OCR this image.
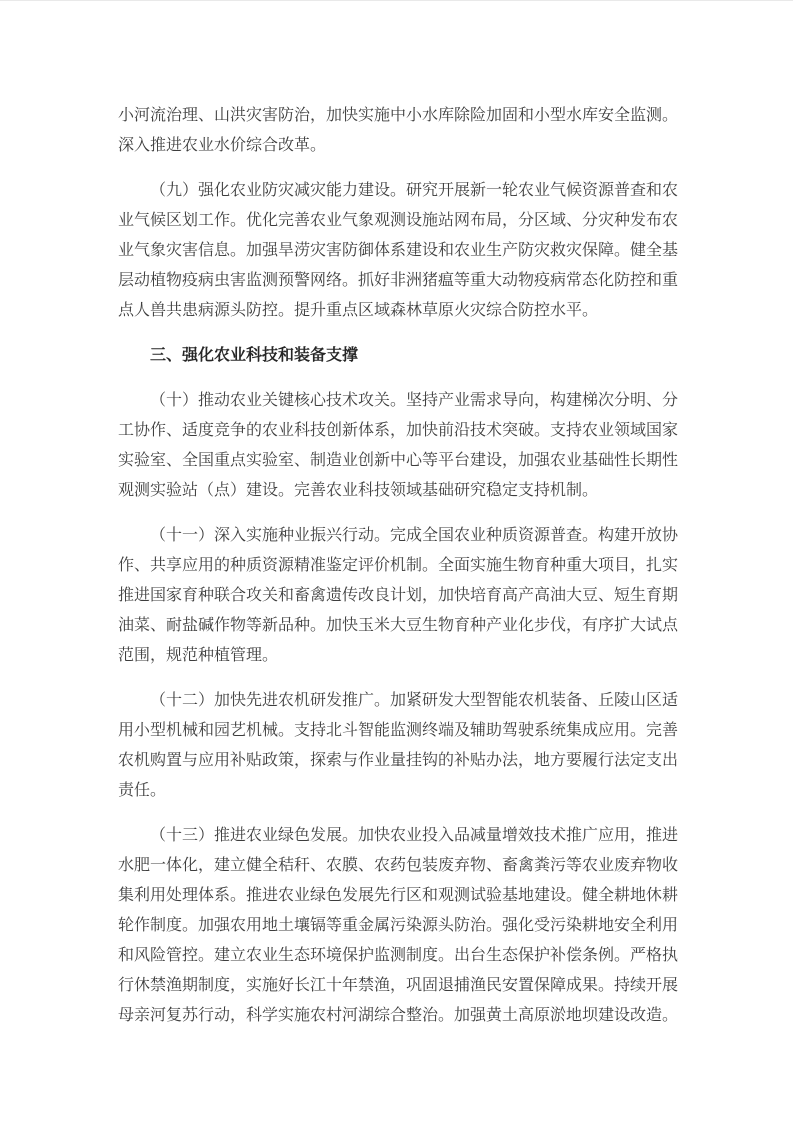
小河流治理、山洪灾害防治，加快实施中小水库除险加固和小型水库安全监测。深入推进农业水价综合改革。

（九）强化农业防灾减灾能力建设。研究开展新一轮农业气候资源普查和农业气候区划工作。优化完善农业气象观测设施站网布局，分区域、分灾种发布农业气象灾害信息。加强旱涝灾害防御体系建设和农业生产防灾救灾保障。健全基层动植物疫病虫害监测预警网络。抓好非洲猪瘟等重大动物疫病常态化防控和重点人兽共患病源头防控。提升重点区域森林草原火灾综合防控水平。

三、强化农业科技和装备支撑

（十）推动农业关键核心技术攻关。坚持产业需求导向，构建梯次分明、分工协作、适度竞争的农业科技创新体系，加快前沿技术突破。支持农业领域国家实验室、全国重点实验室、制造业创新中心等平台建设，加强农业基础性长期性观测实验站（点）建设。完善农业科技领域基础研究稳定支持机制。

（十一）深入实施种业振兴行动。完成全国农业种质资源普查。构建开放协作、共享应用的种质资源精准鉴定评价机制。全面实施生物育种重大项目，扎实推进国家育种联合攻关和畜禽遗传改良计划，加快培育高产高油大豆、短生育期油菜、耐盐碱作物等新品种。加快玉米大豆生物育种产业化步伐，有序扩大试点范围，规范种植管理。

（十二）加快先进农机研发推广。加紧研发大型智能农机装备、丘陵山区适用小型机械和园艺机械。支持北斗智能监测终端及辅助驾驶系统集成应用。完善农机购置与应用补贴政策，探索与作业量挂钩的补贴办法，地方要履行法定支出责任。

（十三）推进农业绿色发展。加快农业投入品减量增效技术推广应用，推进水肥一体化，建立健全秸秆、农膜、农药包装废弃物、畜禽粪污等农业废弃物收集利用处理体系。推进农业绿色发展先行区和观测试验基地建设。健全耕地休耕轮作制度。加强农用地土壤镉等重金属污染源头防治。强化受污染耕地安全利用和风险管控。建立农业生态环境保护监测制度。出台生态保护补偿条例。严格执行休禁渔期制度，实施好长江十年禁渔，巩固退捕渔民安置保障成果。持续开展母亲河复苏行动，科学实施农村河湖综合整治。加强黄土高原淤地坝建设改造。
